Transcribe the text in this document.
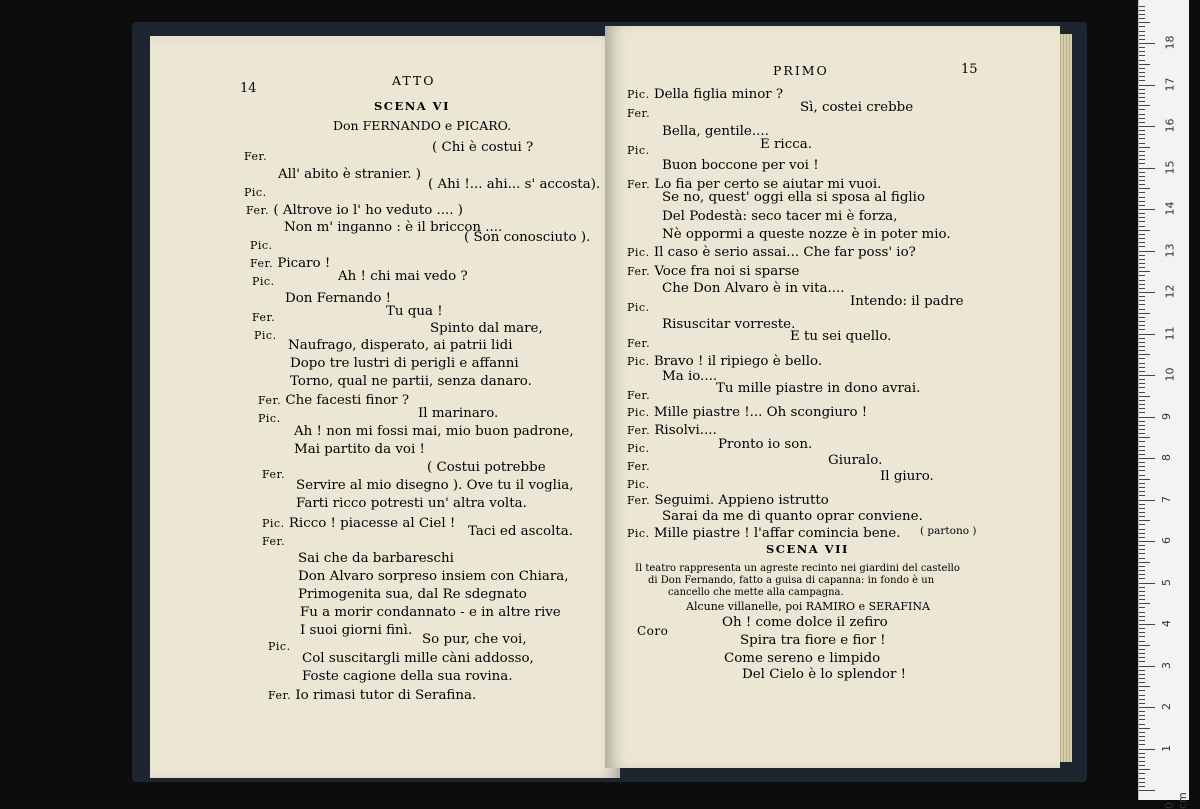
14
ATTO
SCENA VI
Don FERNANDO e PICARO.
PRIMO	15
SCENA VII
Il teatro rappresenta un agreste recinto nei giardini del castello
di Don Fernando, fatto a guisa di capanna: in fondo è un
cancello che mette alla campagna.
Alcune villanelle, poi RAMIRO e SERAFINA
Coro
Oh ! come dolce il zefiro
Spira tra fiore e fior !
Come sereno e limpido
Del Cielo è lo splendor !
Fer.
( Chi è costui ?
All' abito è stranier. )
Pic.
( Ahi !... ahi... s' accosta).
Fer. ( Altrove io l' ho veduto .... )
Non m' inganno : è il briccon ....
Pic.
( Son conosciuto ).
Fer. Picaro !
Pic.	Ah ! chi mai vedo ?
Don Fernando !
Fer.	Tu qua !
Pic.	Spinto dal mare,
Naufrago, disperato, ai patrii lidi
Dopo tre lustri di perigli e affanni
Torno, qual ne partii, senza danaro.
Fer. Che facesti finor ?
Pic.	Il marinaro.
Ah ! non mi fossi mai, mio buon padrone,
Mai partito da voi !
Fer.	( Costui potrebbe
Servire al mio disegno ). Ove tu il voglia,
Farti ricco potresti un' altra volta.
Pic. Ricco ! piacesse al Ciel !
Taci ed ascolta.
Fer.
Sai che da barbareschi
Don Alvaro sorpreso insiem con Chiara,
Primogenita sua, dal Re sdegnato
Fu a morir condannato - e in altre rive
I suoi giorni finì.
Pic.	So pur, che voi,
Col suscitargli mille càni addosso,
Foste cagione della sua rovina.
Fer. Io rimasi tutor di Serafina.
Pic. Della figlia minor ?
Fer.	Sì, costei crebbe
Bella, gentile....
Pic.	E ricca.
Buon boccone per voi !
Fer. Lo fia per certo se aiutar mi vuoi.
Se no, quest' oggi ella si sposa al figlio
Del Podestà: seco tacer mi è forza,
Nè oppormi a queste nozze è in poter mio.
Pic. Il caso è serio assai... Che far poss' io?
Fer. Voce fra noi si sparse
Che Don Alvaro è in vita....
Pic.	Intendo: il padre
Risuscitar vorreste.
Fer.	E tu sei quello.
Pic. Bravo ! il ripiego è bello.
Ma io....
Fer.	Tu mille piastre in dono avrai.
Pic. Mille piastre !... Oh scongiuro !
Fer. Risolvi....
Pic.	Pronto io son.
Fer.	Giuralo.
Pic.
Il giuro.
Fer. Seguimi. Appieno istrutto
Sarai da me di quanto oprar conviene.
Pic. Mille piastre ! l'affar comincia bene. ( partono )
0 cm
1
2
3
4
5
6
7
8
9
10
11
12
13
14
15
16
17
18
